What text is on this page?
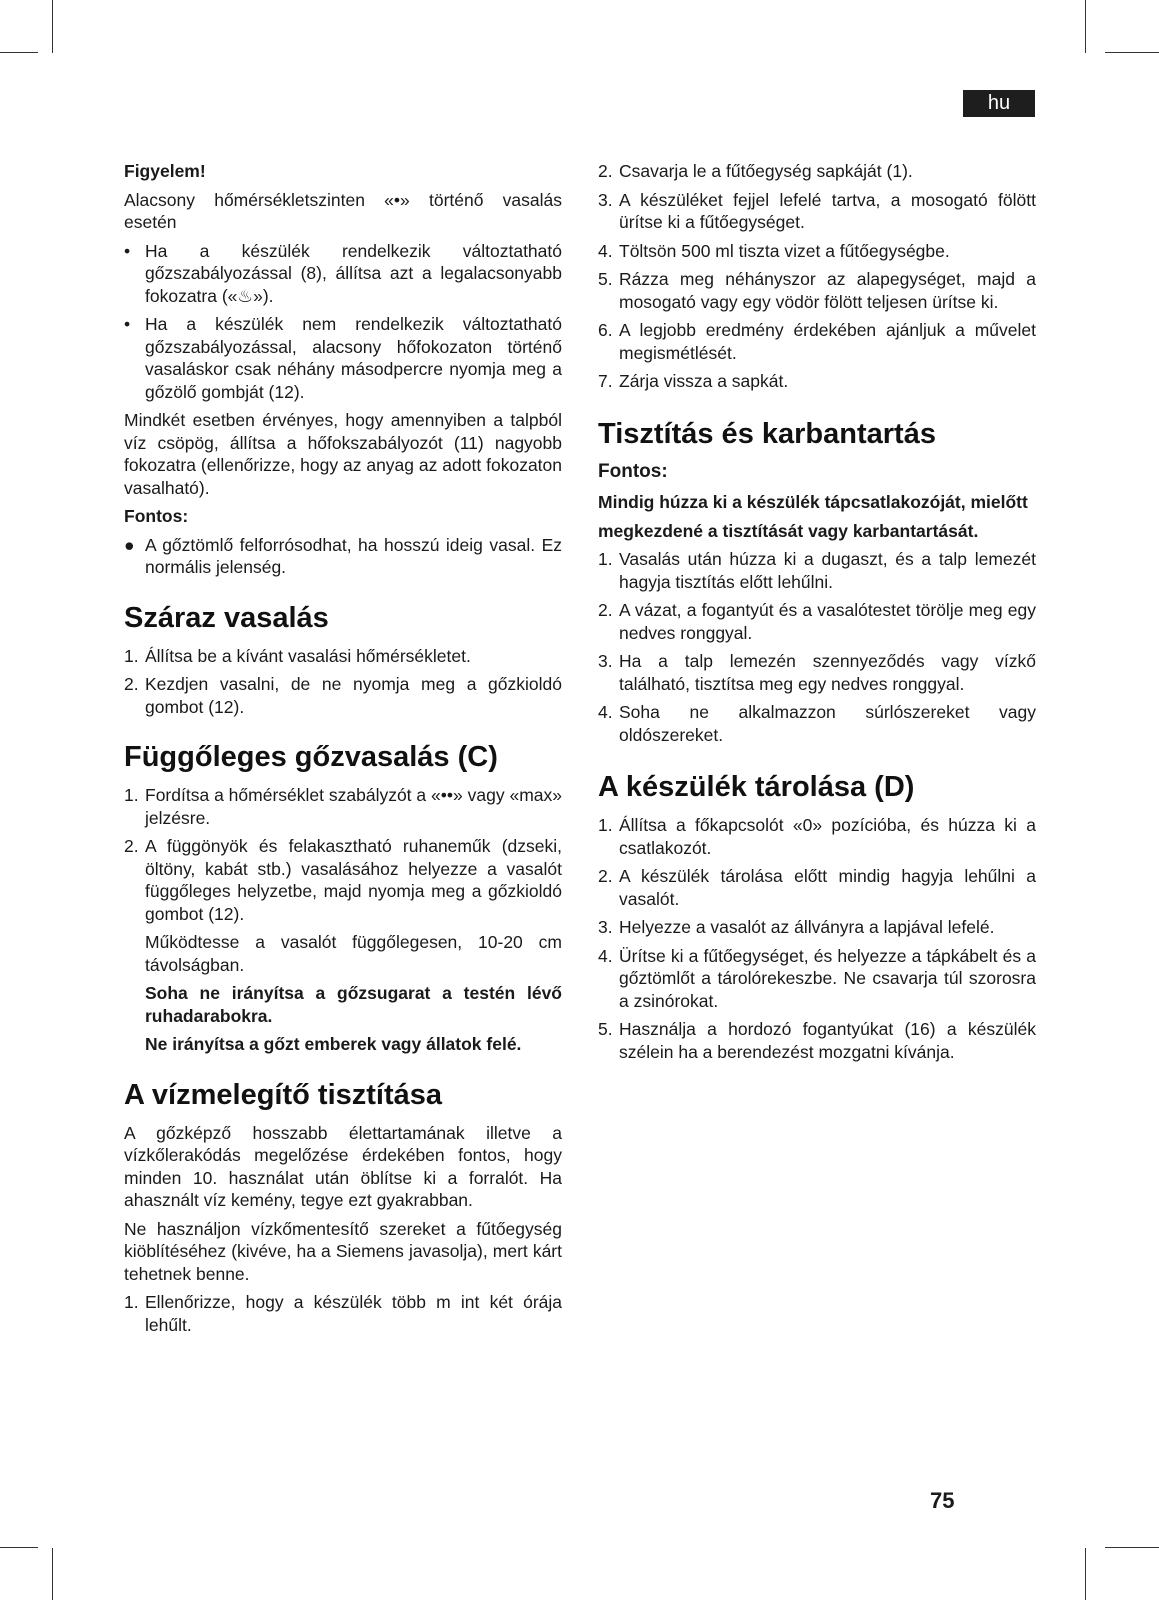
hu

Figyelem!

Alacsony hőmérsékletszinten «•» történő vasalás esetén

• Ha a készülék rendelkezik változtatható gőzszabályozással (8), állítsa azt a legalacsonyabb fokozatra («♨»).
• Ha a készülék nem rendelkezik változtatható gőzszabályozással, alacsony hőfokozaton történő vasaláskor csak néhány másodpercre nyomja meg a gőzölő gombját (12).

Mindkét esetben érvényes, hogy amennyiben a talpból víz csöpög, állítsa a hőfokszabályozót (11) nagyobb fokozatra (ellenőrizze, hogy az anyag az adott fokozaton vasalható).

Fontos:

● A gőztömlő felforrósodhat, ha hosszú ideig vasal. Ez normális jelenség.
Száraz vasalás
1. Állítsa be a kívánt vasalási hőmérsékletet.
2. Kezdjen vasalni, de ne nyomja meg a gőzkioldó gombot (12).
Függőleges gőzvasalás (C)
1. Fordítsa a hőmérséklet szabályzót a «••» vagy «max» jelzésre.
2. A függönyök és felakasztható ruhaneműk (dzseki, öltöny, kabát stb.) vasalásához helyezze a vasalót függőleges helyzetbe, majd nyomja meg a gőzkioldó gombot (12).

Működtesse a vasalót függőlegesen, 10-20 cm távolságban.

Soha ne irányítsa a gőzsugarat a testén lévő ruhadarabokra.

Ne irányítsa a gőzt emberek vagy állatok felé.

A vízmelegítő tisztítása

A gőzképző hosszabb élettartamának illetve a vízkőlerakódás megelőzése érdekében fontos, hogy minden 10. használat után öblítse ki a forralót. Ha ahasznált víz kemény, tegye ezt gyakrabban.

Ne használjon vízkőmentesítő szereket a fűtőegység kiöblítéséhez (kivéve, ha a Siemens javasolja), mert kárt tehetnek benne.

1. Ellenőrizze, hogy a készülék több m int két órája lehűlt.
2. Csavarja le a fűtőegység sapkáját (1).
3. A készüléket fejjel lefelé tartva, a mosogató fölött ürítse ki a fűtőegységet.
4. Töltsön 500 ml tiszta vizet a fűtőegységbe.
5. Rázza meg néhányszor az alapegységet, majd a mosogató vagy egy vödör fölött teljesen ürítse ki.
6. A legjobb eredmény érdekében ajánljuk a művelet megismétlését.
7. Zárja vissza a sapkát.
Tisztítás és karbantartás

Fontos:

Mindig húzza ki a készülék tápcsatlakozóját, mielőtt

megkezdené a tisztítását vagy karbantartását.

1. Vasalás után húzza ki a dugaszt, és a talp lemezét hagyja tisztítás előtt lehűlni.
2. A vázat, a fogantyút és a vasalótestet törölje meg egy nedves ronggyal.
3. Ha a talp lemezén szennyeződés vagy vízkő található, tisztítsa meg egy nedves ronggyal.
4. Soha ne alkalmazzon súrlószereket vagy oldószereket.
A készülék tárolása (D)
1. Állítsa a főkapcsolót «0» pozícióba, és húzza ki a csatlakozót.
2. A készülék tárolása előtt mindig hagyja lehűlni a vasalót.
3. Helyezze a vasalót az állványra a lapjával lefelé.
4. Ürítse ki a fűtőegységet, és helyezze a tápkábelt és a gőztömlőt a tárolórekeszbe. Ne csavarja túl szorosra a zsinórokat.
5. Használja a hordozó fogantyúkat (16) a készülék szélein ha a berendezést mozgatni kívánja.
75
